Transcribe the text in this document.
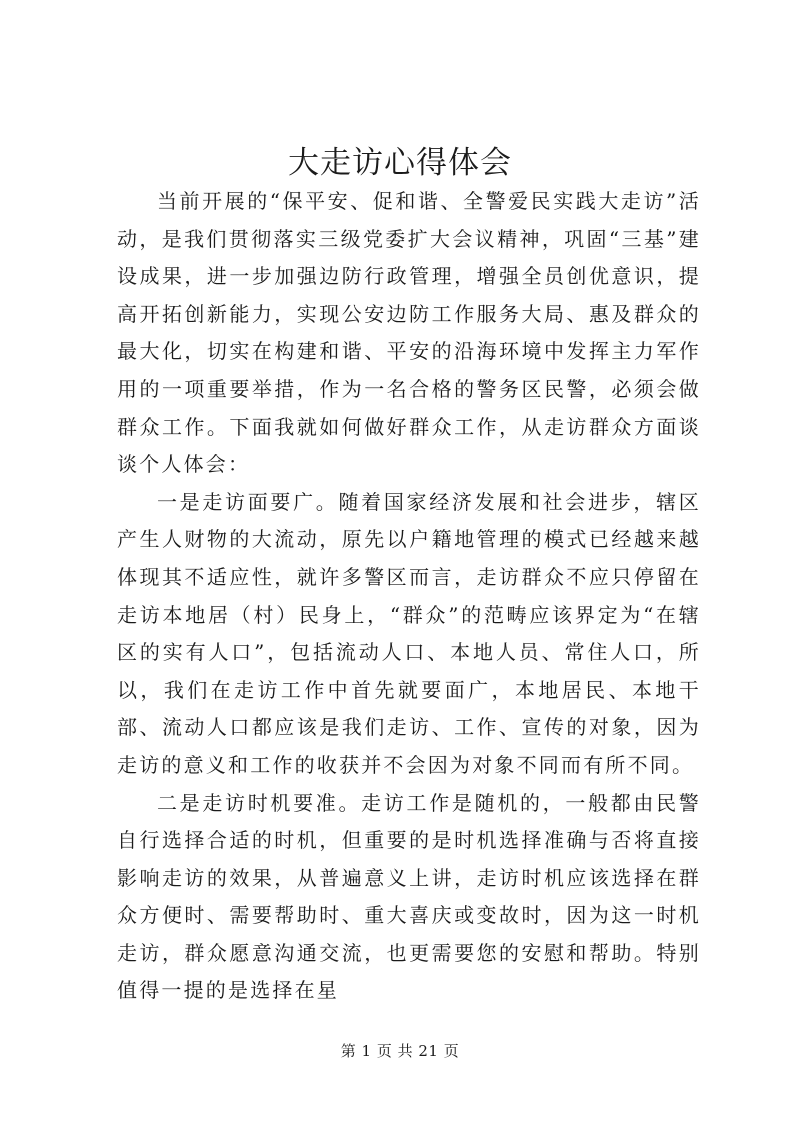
大走访心得体会

当前开展的“保平安、促和谐、全警爱民实践大走访”活动，是我们贯彻落实三级党委扩大会议精神，巩固“三基”建设成果，进一步加强边防行政管理，增强全员创优意识，提高开拓创新能力，实现公安边防工作服务大局、惠及群众的最大化，切实在构建和谐、平安的沿海环境中发挥主力军作用的一项重要举措，作为一名合格的警务区民警，必须会做群众工作。下面我就如何做好群众工作，从走访群众方面谈谈个人体会：

一是走访面要广。随着国家经济发展和社会进步，辖区产生人财物的大流动，原先以户籍地管理的模式已经越来越体现其不适应性，就许多警区而言，走访群众不应只停留在走访本地居（村）民身上，“群众”的范畴应该界定为“在辖区的实有人口”，包括流动人口、本地人员、常住人口，所以，我们在走访工作中首先就要面广，本地居民、本地干部、流动人口都应该是我们走访、工作、宣传的对象，因为走访的意义和工作的收获并不会因为对象不同而有所不同。

二是走访时机要准。走访工作是随机的，一般都由民警自行选择合适的时机，但重要的是时机选择准确与否将直接影响走访的效果，从普遍意义上讲，走访时机应该选择在群众方便时、需要帮助时、重大喜庆或变故时，因为这一时机走访，群众愿意沟通交流，也更需要您的安慰和帮助。特别值得一提的是选择在星

第 1 页 共 21 页
